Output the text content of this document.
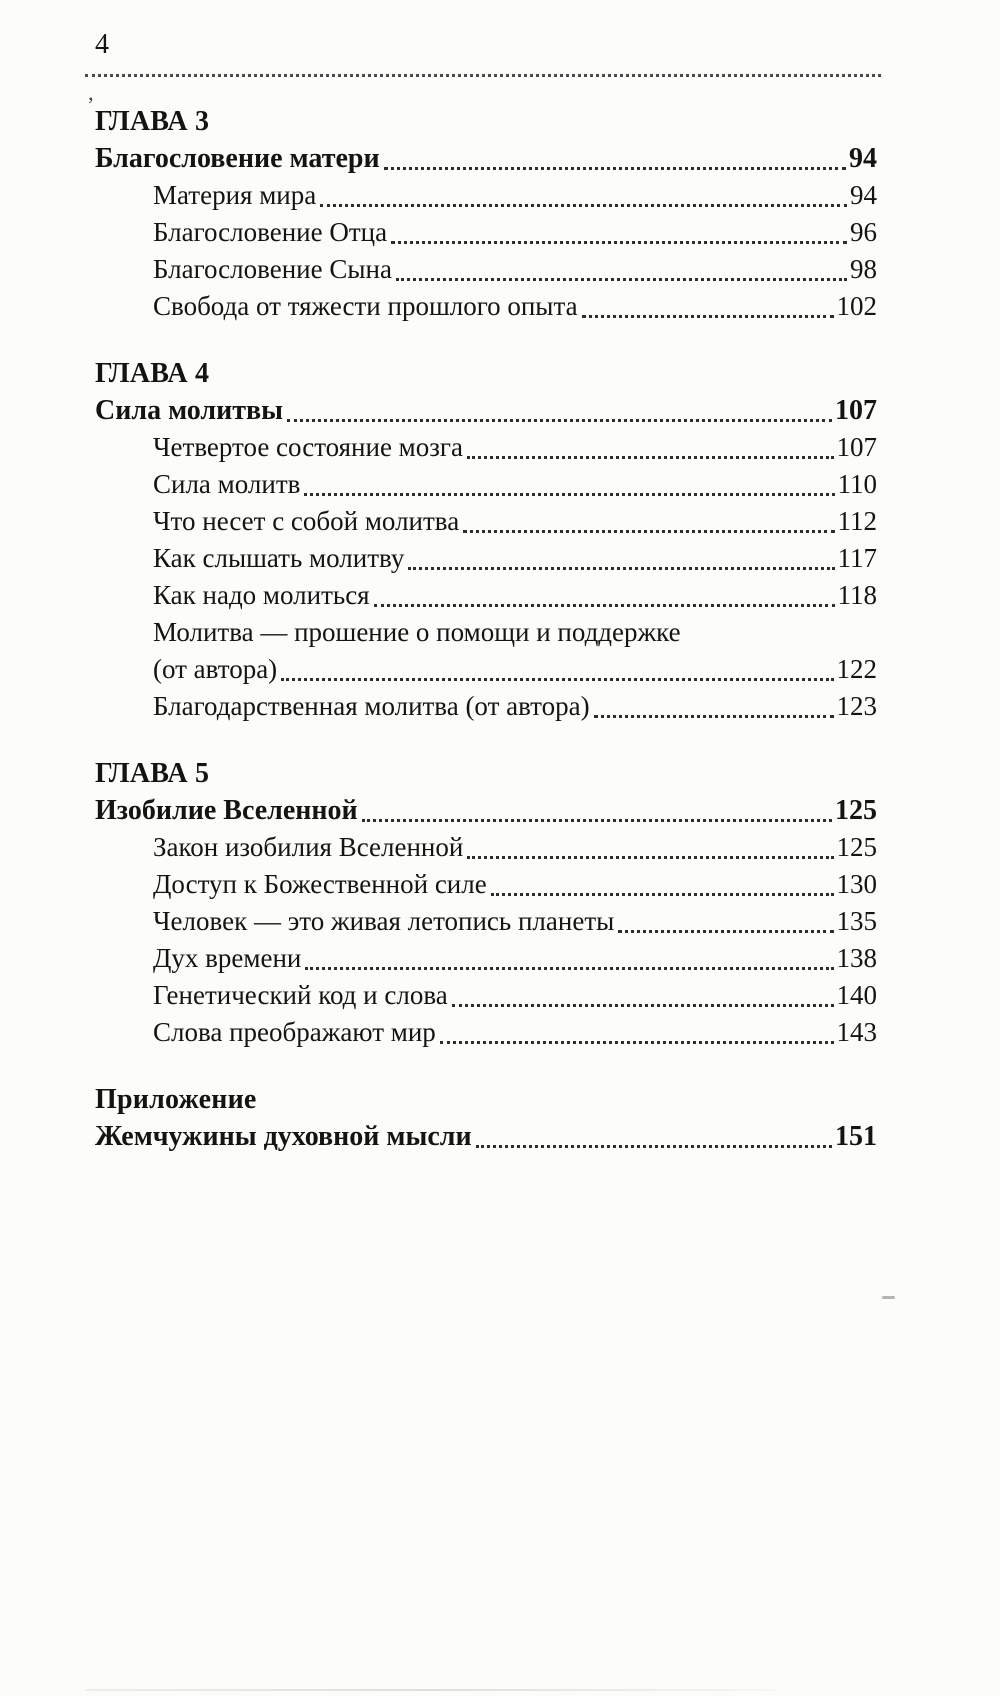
4
’
ГЛАВА 3
Благословение матери	94
Материя мира	94
Благословение Отца	96
Благословение Сына	98
Свобода от тяжести прошлого опыта	102
ГЛАВА 4
Сила молитвы	107
Четвертое состояние мозга	107
Сила молитв	110
Что несет с собой молитва	112
Как слышать молитву	117
Как надо молиться	118
Молитва — прошение о помощи и поддержке
(от автора)	122
Благодарственная молитва (от автора)	123
ГЛАВА 5
Изобилие Вселенной	125
Закон изобилия Вселенной	125
Доступ к Божественной силе	130
Человек — это живая летопись планеты	135
Дух времени	138
Генетический код и слова	140
Слова преображают мир	143
Приложение
Жемчужины духовной мысли	151
